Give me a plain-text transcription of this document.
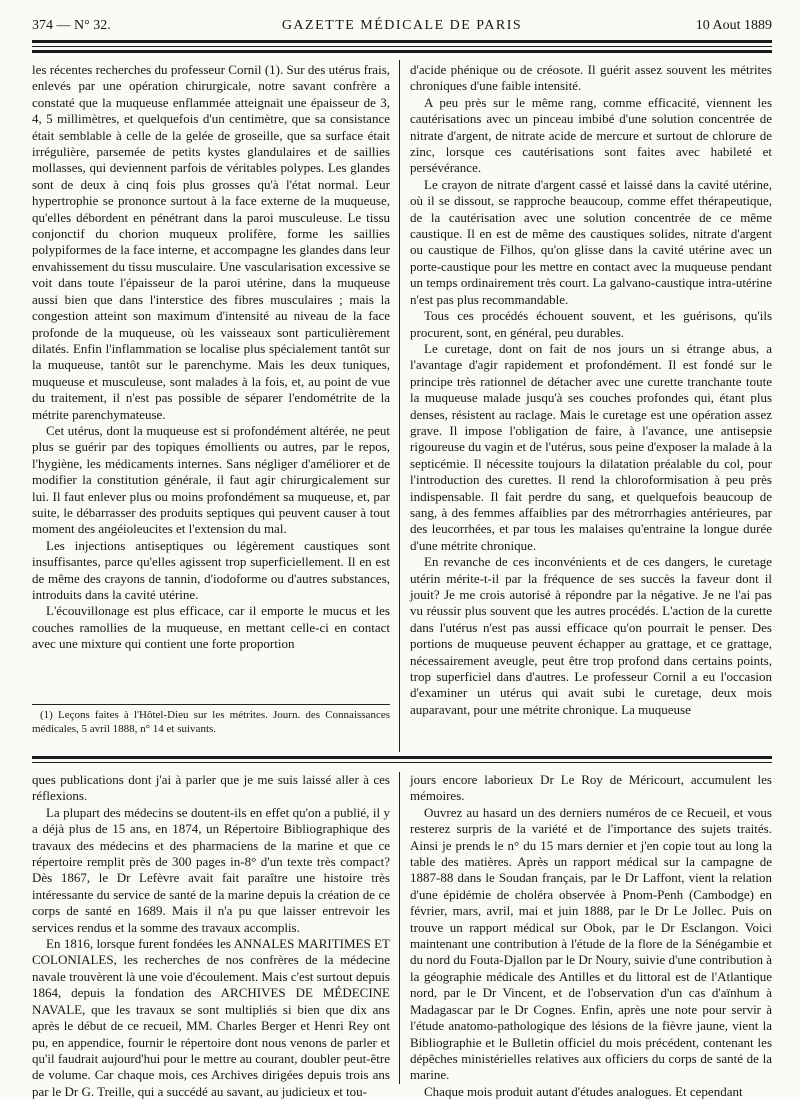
374 — N° 32.	GAZETTE MÉDICALE DE PARIS	10 Aout 1889

les récentes recherches du professeur Cornil (1). Sur des utérus frais, enlevés par une opération chirurgicale, notre savant confrère a constaté que la muqueuse enflammée atteignait une épaisseur de 3, 4, 5 millimètres, et quelquefois d'un centimètre, que sa consistance était semblable à celle de la gelée de groseille, que sa surface était irrégulière, parsemée de petits kystes glandulaires et de saillies mollasses, qui deviennent parfois de véritables polypes. Les glandes sont de deux à cinq fois plus grosses qu'à l'état normal. Leur hypertrophie se prononce surtout à la face externe de la muqueuse, qu'elles débordent en pénétrant dans la paroi musculeuse. Le tissu conjonctif du chorion muqueux prolifère, forme les saillies polypiformes de la face interne, et accompagne les glandes dans leur envahissement du tissu musculaire. Une vascularisation excessive se voit dans toute l'épaisseur de la paroi utérine, dans la muqueuse aussi bien que dans l'interstice des fibres musculaires ; mais la congestion atteint son maximum d'intensité au niveau de la face profonde de la muqueuse, où les vaisseaux sont particulièrement dilatés. Enfin l'inflammation se localise plus spécialement tantôt sur la muqueuse, tantôt sur le parenchyme. Mais les deux tuniques, muqueuse et musculeuse, sont malades à la fois, et, au point de vue du traitement, il n'est pas possible de séparer l'endométrite de la métrite parenchymateuse.

Cet utérus, dont la muqueuse est si profondément altérée, ne peut plus se guérir par des topiques émollients ou autres, par le repos, l'hygiène, les médicaments internes. Sans négliger d'améliorer et de modifier la constitution générale, il faut agir chirurgicalement sur lui. Il faut enlever plus ou moins profondément sa muqueuse, et, par suite, le débarrasser des produits septiques qui peuvent causer à tout moment des angéioleucites et l'extension du mal.

Les injections antiseptiques ou légèrement caustiques sont insuffisantes, parce qu'elles agissent trop superficiellement. Il en est de même des crayons de tannin, d'iodoforme ou d'autres substances, introduits dans la cavité utérine.

L'écouvillonage est plus efficace, car il emporte le mucus et les couches ramollies de la muqueuse, en mettant celle-ci en contact avec une mixture qui contient une forte proportion

d'acide phénique ou de créosote. Il guérit assez souvent les métrites chroniques d'une faible intensité.

A peu près sur le même rang, comme efficacité, viennent les cautérisations avec un pinceau imbibé d'une solution concentrée de nitrate d'argent, de nitrate acide de mercure et surtout de chlorure de zinc, lorsque ces cautérisations sont faites avec habileté et persévérance.

Le crayon de nitrate d'argent cassé et laissé dans la cavité utérine, où il se dissout, se rapproche beaucoup, comme effet thérapeutique, de la cautérisation avec une solution concentrée de ce même caustique. Il en est de même des caustiques solides, nitrate d'argent ou caustique de Filhos, qu'on glisse dans la cavité utérine avec un porte-caustique pour les mettre en contact avec la muqueuse pendant un temps ordinairement très court. La galvano-caustique intra-utérine n'est pas plus recommandable.

Tous ces procédés échouent souvent, et les guérisons, qu'ils procurent, sont, en général, peu durables.

Le curetage, dont on fait de nos jours un si étrange abus, a l'avantage d'agir rapidement et profondément. Il est fondé sur le principe très rationnel de détacher avec une curette tranchante toute la muqueuse malade jusqu'à ses couches profondes qui, étant plus denses, résistent au raclage. Mais le curetage est une opération assez grave. Il impose l'obligation de faire, à l'avance, une antisepsie rigoureuse du vagin et de l'utérus, sous peine d'exposer la malade à la septicémie. Il nécessite toujours la dilatation préalable du col, pour l'introduction des curettes. Il rend la chloroformisation à peu près indispensable. Il fait perdre du sang, et quelquefois beaucoup de sang, à des femmes affaiblies par des métrorrhagies antérieures, par des leucorrhées, et par tous les malaises qu'entraine la longue durée d'une métrite chronique.

En revanche de ces inconvénients et de ces dangers, le curetage utérin mérite-t-il par la fréquence de ses succès la faveur dont il jouit? Je me crois autorisé à répondre par la négative. Je ne l'ai pas vu réussir plus souvent que les autres procédés. L'action de la curette dans l'utérus n'est pas aussi efficace qu'on pourrait le penser. Des portions de muqueuse peuvent échapper au grattage, et ce grattage, nécessairement aveugle, peut être trop profond dans certains points, trop superficiel dans d'autres. Le professeur Cornil a eu l'occasion d'examiner un utérus qui avait subi le curetage, deux mois auparavant, pour une métrite chronique. La muqueuse

(1) Leçons faites à l'Hôtel-Dieu sur les métrites. Journ. des Connaissances médicales, 5 avril 1888, n° 14 et suivants.

ques publications dont j'ai à parler que je me suis laissé aller à ces réflexions.

La plupart des médecins se doutent-ils en effet qu'on a publié, il y a déjà plus de 15 ans, en 1874, un Répertoire Bibliographique des travaux des médecins et des pharmaciens de la marine et que ce répertoire remplit près de 300 pages in-8° d'un texte très compact? Dès 1867, le Dr Lefèvre avait fait paraître une histoire très intéressante du service de santé de la marine depuis la création de ce corps de santé en 1689. Mais il n'a pu que laisser entrevoir les services rendus et la somme des travaux accomplis.

En 1816, lorsque furent fondées les ANNALES MARITIMES ET COLONIALES, les recherches de nos confrères de la médecine navale trouvèrent là une voie d'écoulement. Mais c'est surtout depuis 1864, depuis la fondation des ARCHIVES DE MÉDECINE NAVALE, que les travaux se sont multipliés si bien que dix ans après le début de ce recueil, MM. Charles Berger et Henri Rey ont pu, en appendice, fournir le répertoire dont nous venons de parler et qu'il faudrait aujourd'hui pour le mettre au courant, doubler peut-être de volume. Car chaque mois, ces Archives dirigées depuis trois ans par le Dr G. Treille, qui a succédé au savant, au judicieux et tou-

jours encore laborieux Dr Le Roy de Méricourt, accumulent les mémoires.

Ouvrez au hasard un des derniers numéros de ce Recueil, et vous resterez surpris de la variété et de l'importance des sujets traités. Ainsi je prends le n° du 15 mars dernier et j'en copie tout au long la table des matières. Après un rapport médical sur la campagne de 1887-88 dans le Soudan français, par le Dr Laffont, vient la relation d'une épidémie de choléra observée à Pnom-Penh (Cambodge) en février, mars, avril, mai et juin 1888, par le Dr Le Jollec. Puis on trouve un rapport médical sur Obok, par le Dr Esclangon. Voici maintenant une contribution à l'étude de la flore de la Sénégambie et du nord du Fouta-Djallon par le Dr Noury, suivie d'une contribution à la géographie médicale des Antilles et du littoral est de l'Atlantique nord, par le Dr Vincent, et de l'observation d'un cas d'aïnhum à Madagascar par le Dr Cognes. Enfin, après une note pour servir à l'étude anatomo-pathologique des lésions de la fièvre jaune, vient la Bibliographie et le Bulletin officiel du mois précédent, contenant les dépêches ministérielles relatives aux officiers du corps de santé de la marine.

Chaque mois produit autant d'études analogues. Et cependant
